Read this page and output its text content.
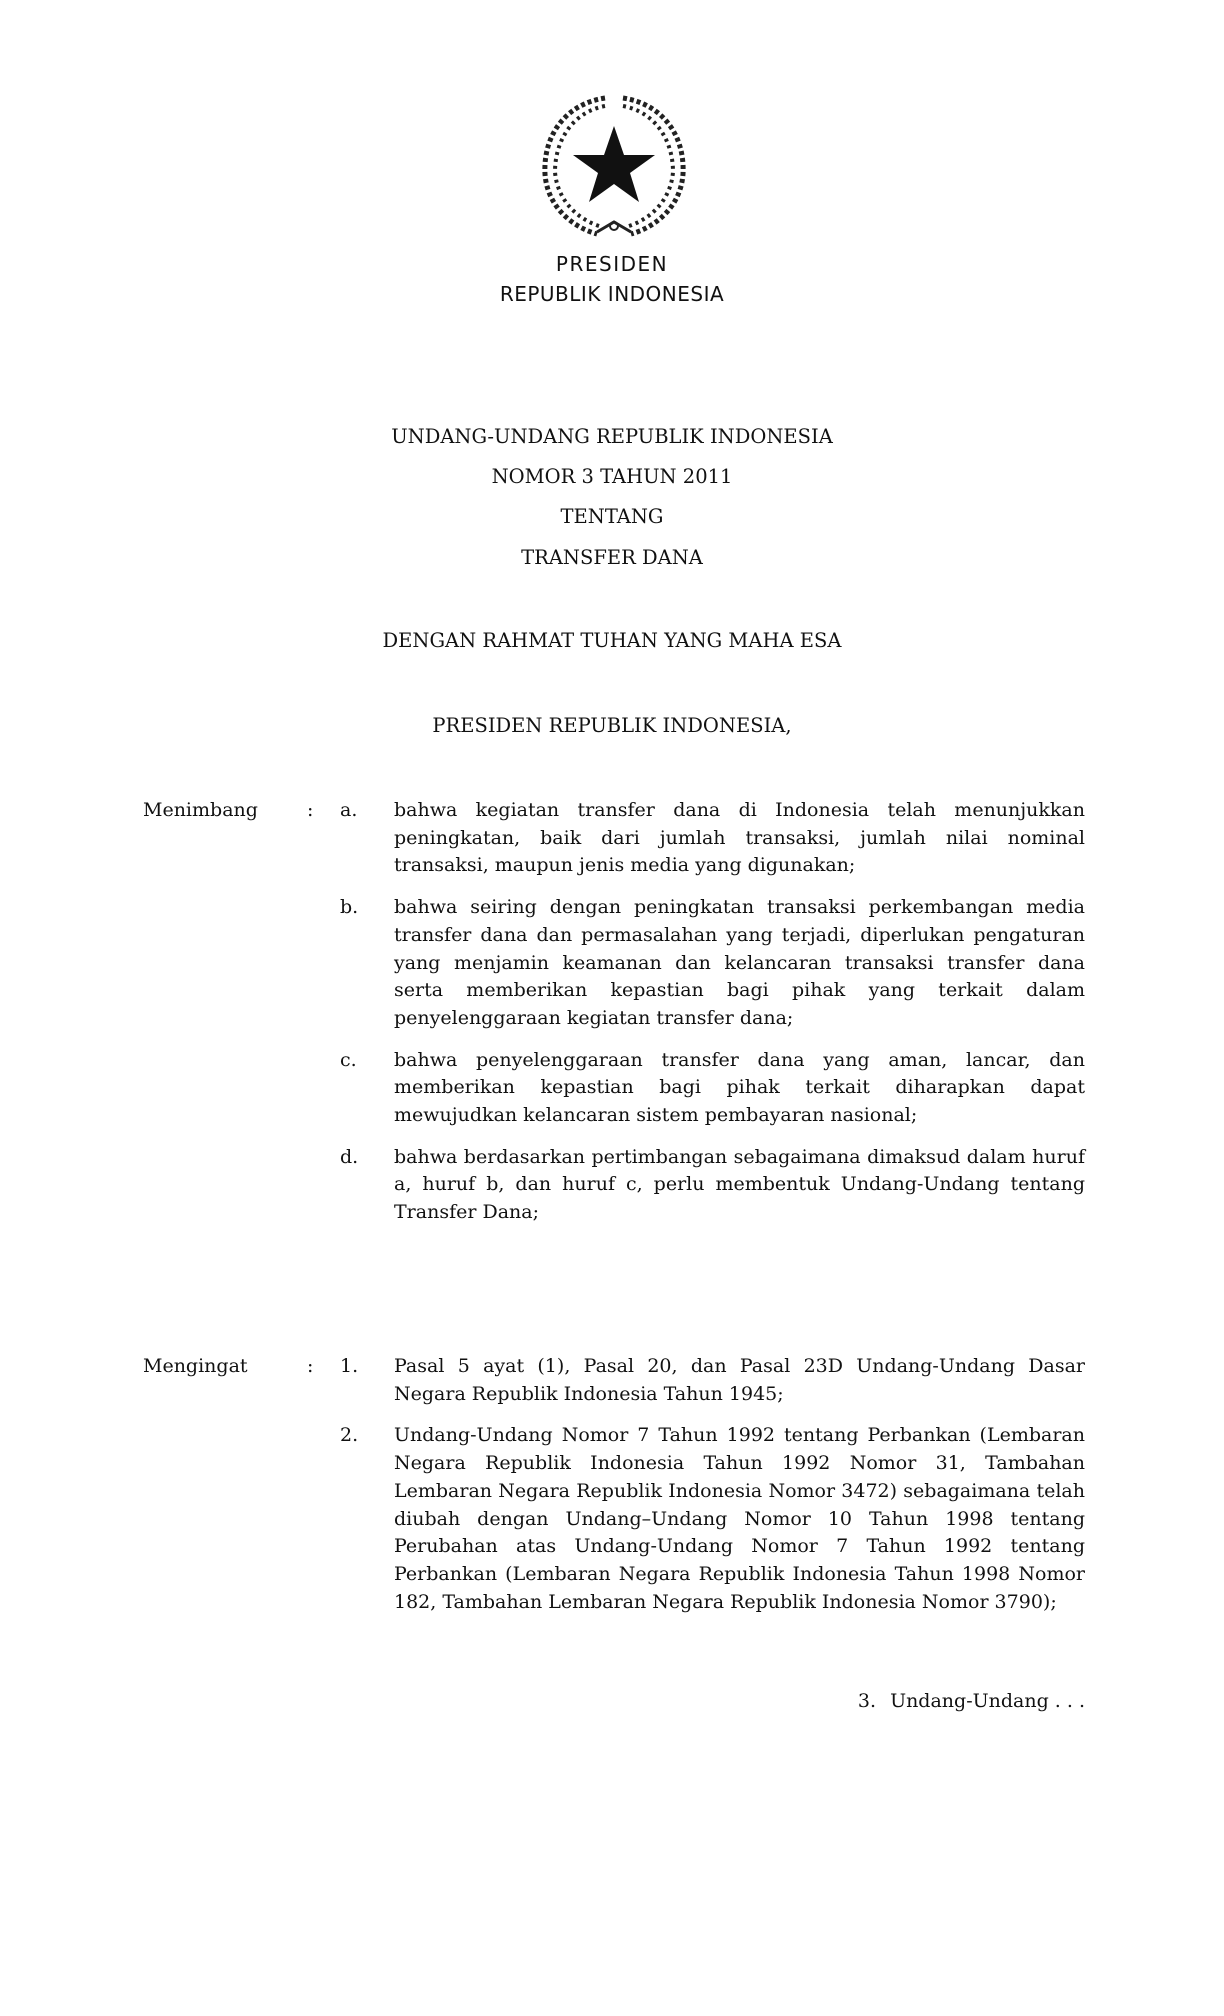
PRESIDEN
REPUBLIK INDONESIA
UNDANG-UNDANG REPUBLIK INDONESIA
NOMOR 3 TAHUN 2011
TENTANG
TRANSFER DANA
DENGAN RAHMAT TUHAN YANG MAHA ESA
PRESIDEN REPUBLIK INDONESIA,
Menimbang	: a. bahwa kegiatan transfer dana di Indonesia telah menunjukkan peningkatan, baik dari jumlah transaksi, jumlah nilai nominal transaksi, maupun jenis media yang digunakan;
b. bahwa seiring dengan peningkatan transaksi perkembangan media transfer dana dan permasalahan yang terjadi, diperlukan pengaturan yang menjamin keamanan dan kelancaran transaksi transfer dana serta memberikan kepastian bagi pihak yang terkait dalam penyelenggaraan kegiatan transfer dana;
c. bahwa penyelenggaraan transfer dana yang aman, lancar, dan memberikan kepastian bagi pihak terkait diharapkan dapat mewujudkan kelancaran sistem pembayaran nasional;
d. bahwa berdasarkan pertimbangan sebagaimana dimaksud dalam huruf a, huruf b, dan huruf c, perlu membentuk Undang-Undang tentang Transfer Dana;
Mengingat	: 1. Pasal 5 ayat (1), Pasal 20, dan Pasal 23D Undang-Undang Dasar Negara Republik Indonesia Tahun 1945;
2. Undang-Undang Nomor 7 Tahun 1992 tentang Perbankan (Lembaran Negara Republik Indonesia Tahun 1992 Nomor 31, Tambahan Lembaran Negara Republik Indonesia Nomor 3472) sebagaimana telah diubah dengan Undang–Undang Nomor 10 Tahun 1998 tentang Perubahan atas Undang-Undang Nomor 7 Tahun 1992 tentang Perbankan (Lembaran Negara Republik Indonesia Tahun 1998 Nomor 182, Tambahan Lembaran Negara Republik Indonesia Nomor 3790);
3. Undang-Undang . . .
